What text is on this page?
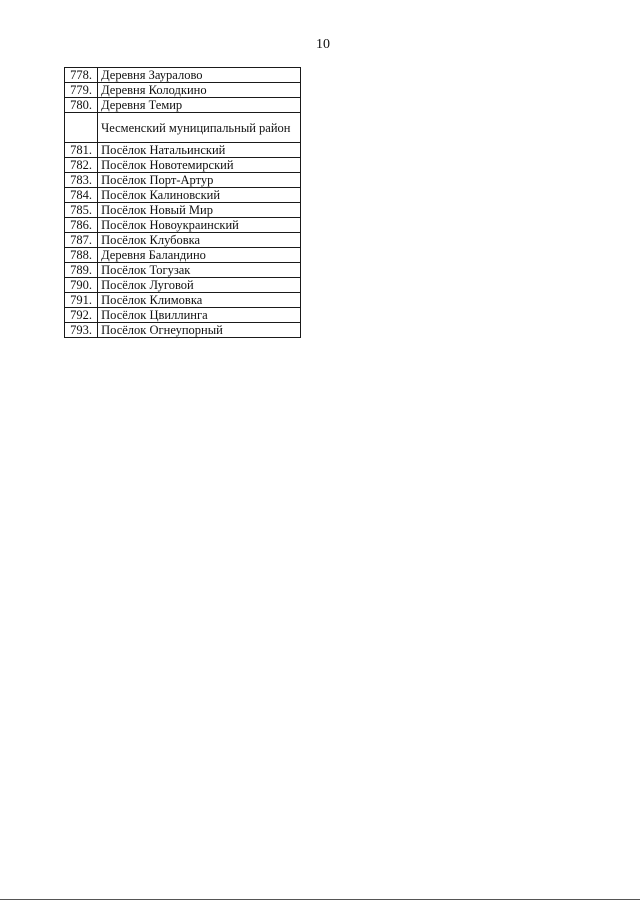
10
778.	Деревня Зауралово
779.	Деревня Колодкино
780.	Деревня Темир
	Чесменский муниципальный район
781.	Посёлок Натальинский
782.	Посёлок Новотемирский
783.	Посёлок Порт-Артур
784.	Посёлок Калиновский
785.	Посёлок Новый Мир
786.	Посёлок Новоукраинский
787.	Посёлок Клубовка
788.	Деревня Баландино
789.	Посёлок Тогузак
790.	Посёлок Луговой
791.	Посёлок Климовка
792.	Посёлок Цвиллинга
793.	Посёлок Огнеупорный
